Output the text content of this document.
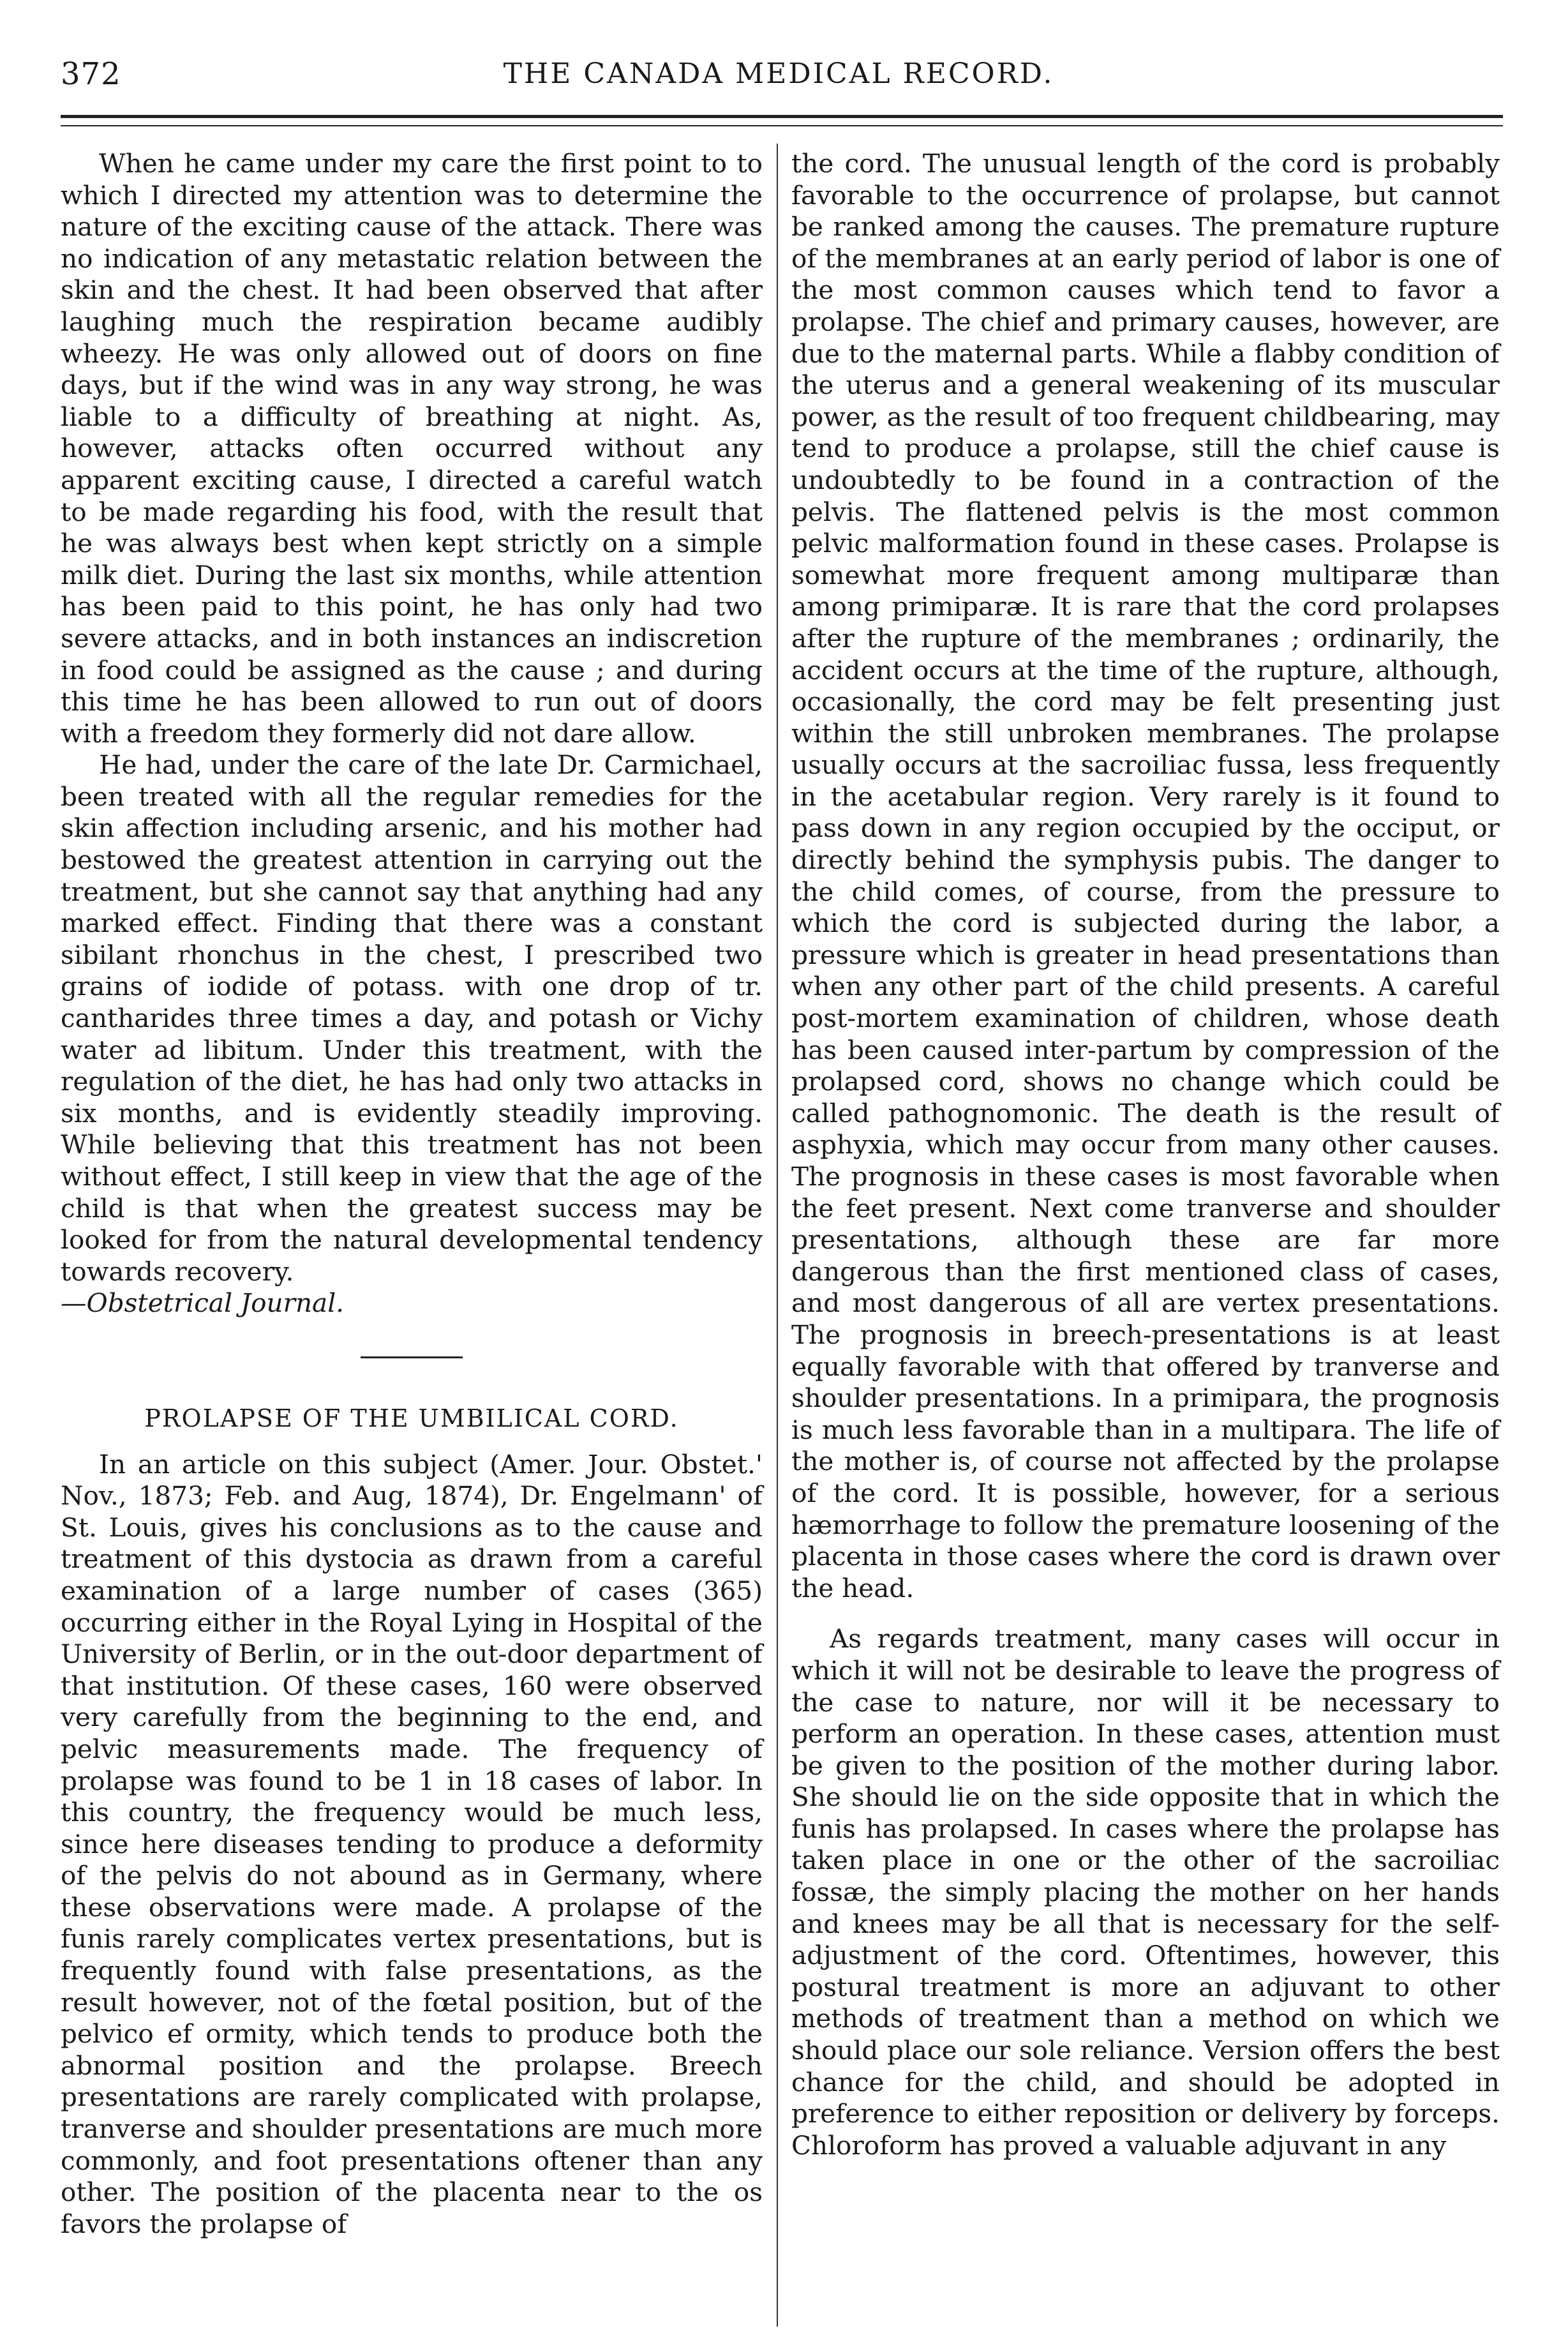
372	THE CANADA MEDICAL RECORD.

When he came under my care the first point to to which I directed my attention was to determine the nature of the exciting cause of the attack. There was no indication of any metastatic relation between the skin and the chest. It had been observed that after laughing much the respiration became audibly wheezy. He was only allowed out of doors on fine days, but if the wind was in any way strong, he was liable to a difficulty of breathing at night. As, however, attacks often occurred without any apparent exciting cause, I directed a careful watch to be made regarding his food, with the result that he was always best when kept strictly on a simple milk diet. During the last six months, while attention has been paid to this point, he has only had two severe attacks, and in both instances an indiscretion in food could be assigned as the cause ; and during this time he has been allowed to run out of doors with a freedom they formerly did not dare allow.

He had, under the care of the late Dr. Carmichael, been treated with all the regular remedies for the skin affection including arsenic, and his mother had bestowed the greatest attention in carrying out the treatment, but she cannot say that anything had any marked effect. Finding that there was a constant sibilant rhonchus in the chest, I prescribed two grains of iodide of potass. with one drop of tr. cantharides three times a day, and potash or Vichy water ad libitum. Under this treatment, with the regulation of the diet, he has had only two attacks in six months, and is evidently steadily improving. While believing that this treatment has not been without effect, I still keep in view that the age of the child is that when the greatest success may be looked for from the natural developmental tendency towards recovery.

—Obstetrical Journal.

PROLAPSE OF THE UMBILICAL CORD.

In an article on this subject (Amer. Jour. Obstet.' Nov., 1873; Feb. and Aug, 1874), Dr. Engelmann' of St. Louis, gives his conclusions as to the cause and treatment of this dystocia as drawn from a careful examination of a large number of cases (365) occurring either in the Royal Lying in Hospital of the University of Berlin, or in the out-door department of that institution. Of these cases, 160 were observed very carefully from the beginning to the end, and pelvic measurements made. The frequency of prolapse was found to be 1 in 18 cases of labor. In this country, the frequency would be much less, since here diseases tending to produce a deformity of the pelvis do not abound as in Germany, where these observations were made. A prolapse of the funis rarely complicates vertex presentations, but is frequently found with false presentations, as the result however, not of the fœtal position, but of the pelvico ef ormity, which tends to produce both the abnormal position and the prolapse. Breech presentations are rarely complicated with prolapse, tranverse and shoulder presentations are much more commonly, and foot presentations oftener than any other. The position of the placenta near to the os favors the prolapse of

the cord. The unusual length of the cord is probably favorable to the occurrence of prolapse, but cannot be ranked among the causes. The premature rupture of the membranes at an early period of labor is one of the most common causes which tend to favor a prolapse. The chief and primary causes, however, are due to the maternal parts. While a flabby condition of the uterus and a general weakening of its muscular power, as the result of too frequent childbearing, may tend to produce a prolapse, still the chief cause is undoubtedly to be found in a contraction of the pelvis. The flattened pelvis is the most common pelvic malformation found in these cases. Prolapse is somewhat more frequent among multiparæ than among primiparæ. It is rare that the cord prolapses after the rupture of the membranes ; ordinarily, the accident occurs at the time of the rupture, although, occasionally, the cord may be felt presenting just within the still unbroken membranes. The prolapse usually occurs at the sacroiliac fussa, less frequently in the acetabular region. Very rarely is it found to pass down in any region occupied by the occiput, or directly behind the symphysis pubis. The danger to the child comes, of course, from the pressure to which the cord is subjected during the labor, a pressure which is greater in head presentations than when any other part of the child presents. A careful post-mortem examination of children, whose death has been caused inter-partum by compression of the prolapsed cord, shows no change which could be called pathognomonic. The death is the result of asphyxia, which may occur from many other causes. The prognosis in these cases is most favorable when the feet present. Next come tranverse and shoulder presentations, although these are far more dangerous than the first mentioned class of cases, and most dangerous of all are vertex presentations. The prognosis in breech-presentations is at least equally favorable with that offered by tranverse and shoulder presentations. In a primipara, the prognosis is much less favorable than in a multipara. The life of the mother is, of course not affected by the prolapse of the cord. It is possible, however, for a serious hæmorrhage to follow the premature loosening of the placenta in those cases where the cord is drawn over the head.

As regards treatment, many cases will occur in which it will not be desirable to leave the progress of the case to nature, nor will it be necessary to perform an operation. In these cases, attention must be given to the position of the mother during labor. She should lie on the side opposite that in which the funis has prolapsed. In cases where the prolapse has taken place in one or the other of the sacroiliac fossæ, the simply placing the mother on her hands and knees may be all that is necessary for the self-adjustment of the cord. Oftentimes, however, this postural treatment is more an adjuvant to other methods of treatment than a method on which we should place our sole reliance. Version offers the best chance for the child, and should be adopted in preference to either reposition or delivery by forceps. Chloroform has proved a valuable adjuvant in any
